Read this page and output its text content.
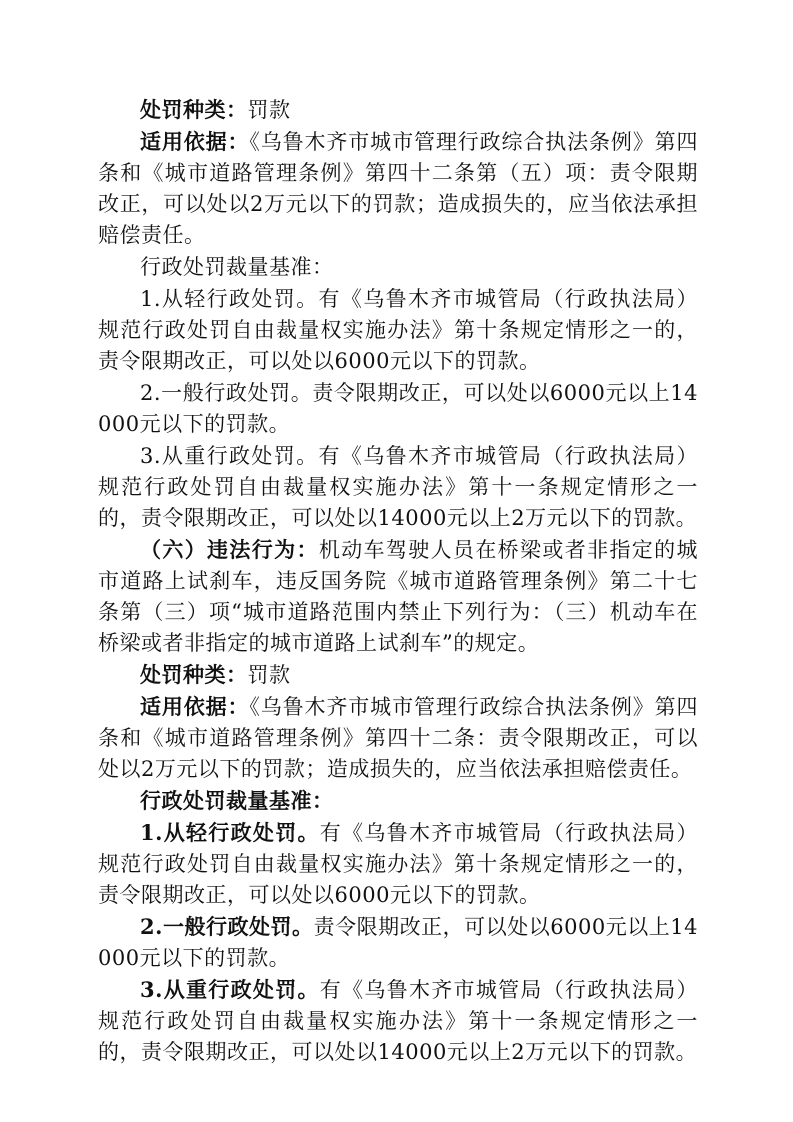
处罚种类：罚款

适用依据：《乌鲁木齐市城市管理行政综合执法条例》第四条和《城市道路管理条例》第四十二条第（五）项：责令限期改正，可以处以2万元以下的罚款；造成损失的，应当依法承担赔偿责任。

行政处罚裁量基准：

1.从轻行政处罚。有《乌鲁木齐市城管局（行政执法局）规范行政处罚自由裁量权实施办法》第十条规定情形之一的，责令限期改正，可以处以6000元以下的罚款。

2.一般行政处罚。责令限期改正，可以处以6000元以上14000元以下的罚款。

3.从重行政处罚。有《乌鲁木齐市城管局（行政执法局）规范行政处罚自由裁量权实施办法》第十一条规定情形之一的，责令限期改正，可以处以14000元以上2万元以下的罚款。

（六）违法行为：机动车驾驶人员在桥梁或者非指定的城市道路上试刹车，违反国务院《城市道路管理条例》第二十七条第（三）项“城市道路范围内禁止下列行为：（三）机动车在桥梁或者非指定的城市道路上试刹车”的规定。

处罚种类：罚款

适用依据：《乌鲁木齐市城市管理行政综合执法条例》第四条和《城市道路管理条例》第四十二条：责令限期改正，可以处以2万元以下的罚款；造成损失的，应当依法承担赔偿责任。

行政处罚裁量基准：

1.从轻行政处罚。有《乌鲁木齐市城管局（行政执法局）规范行政处罚自由裁量权实施办法》第十条规定情形之一的，责令限期改正，可以处以6000元以下的罚款。

2.一般行政处罚。责令限期改正，可以处以6000元以上14000元以下的罚款。

3.从重行政处罚。有《乌鲁木齐市城管局（行政执法局）规范行政处罚自由裁量权实施办法》第十一条规定情形之一的，责令限期改正，可以处以14000元以上2万元以下的罚款。
